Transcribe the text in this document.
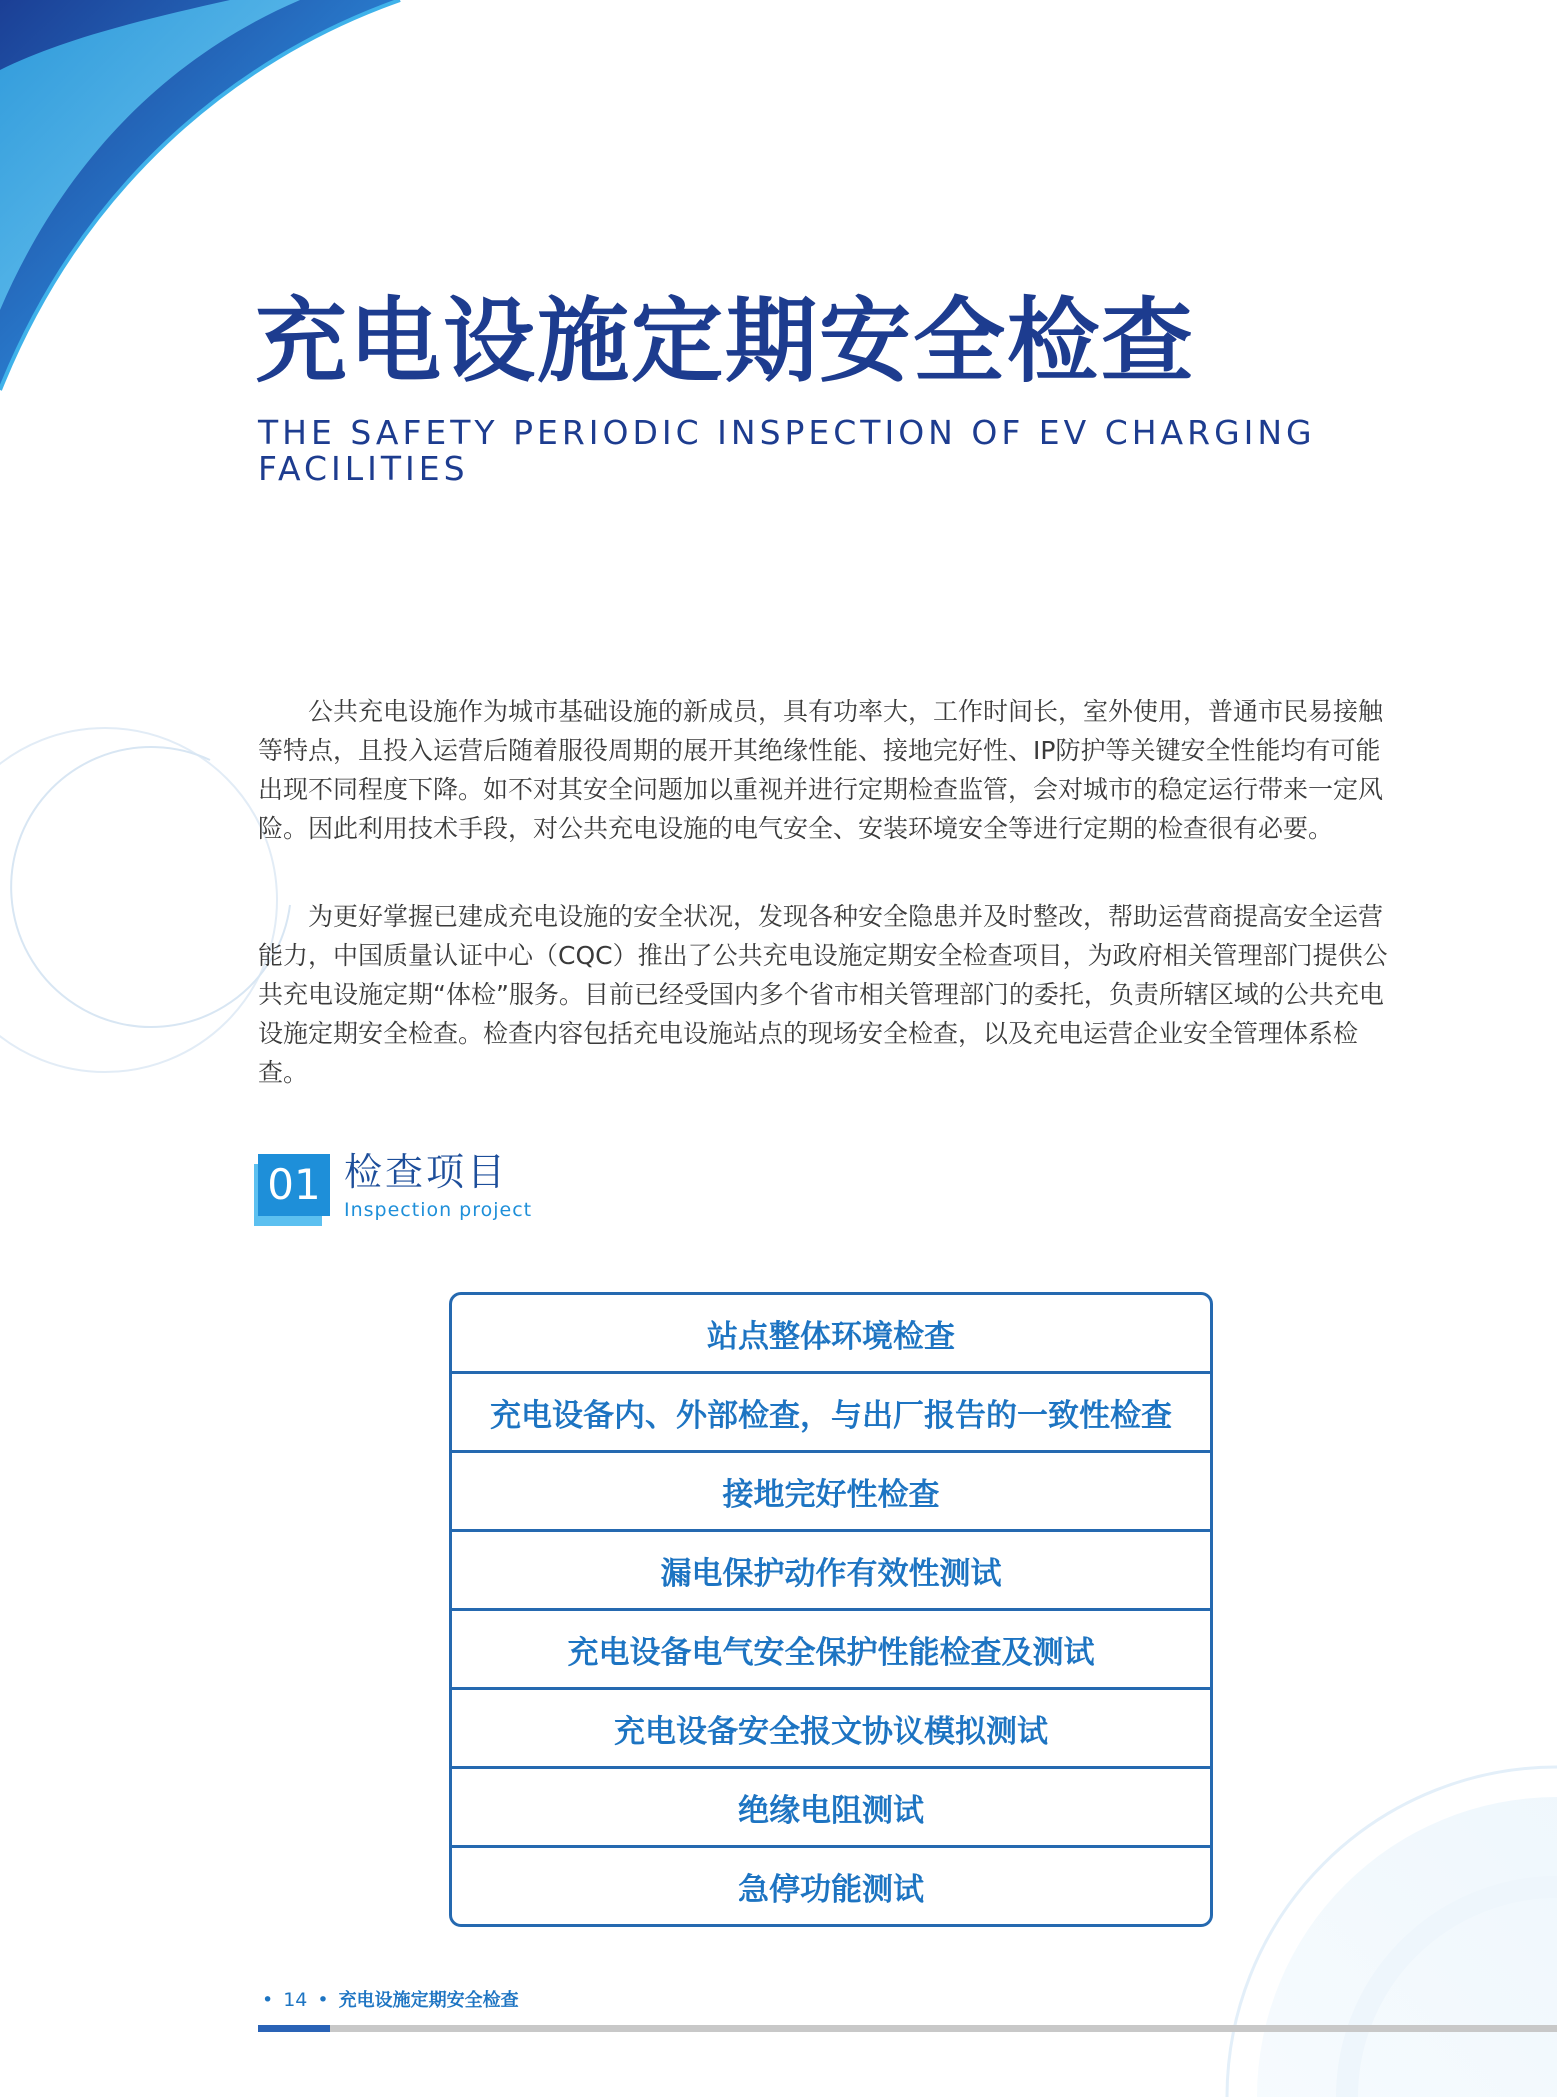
充电设施定期安全检查

THE SAFETY PERIODIC INSPECTION OF EV CHARGING FACILITIES

公共充电设施作为城市基础设施的新成员，具有功率大，工作时间长，室外使用，普通市民易接触等特点，且投入运营后随着服役周期的展开其绝缘性能、接地完好性、IP防护等关键安全性能均有可能出现不同程度下降。如不对其安全问题加以重视并进行定期检查监管，会对城市的稳定运行带来一定风险。因此利用技术手段，对公共充电设施的电气安全、安装环境安全等进行定期的检查很有必要。

为更好掌握已建成充电设施的安全状况，发现各种安全隐患并及时整改，帮助运营商提高安全运营能力，中国质量认证中心（CQC）推出了公共充电设施定期安全检查项目，为政府相关管理部门提供公共充电设施定期“体检”服务。目前已经受国内多个省市相关管理部门的委托，负责所辖区域的公共充电设施定期安全检查。检查内容包括充电设施站点的现场安全检查，以及充电运营企业安全管理体系检查。

01 检查项目
Inspection project
站点整体环境检查
充电设备内、外部检查，与出厂报告的一致性检查
接地完好性检查
漏电保护动作有效性测试
充电设备电气安全保护性能检查及测试
充电设备安全报文协议模拟测试
绝缘电阻测试
急停功能测试
• 14 • 充电设施定期安全检查
